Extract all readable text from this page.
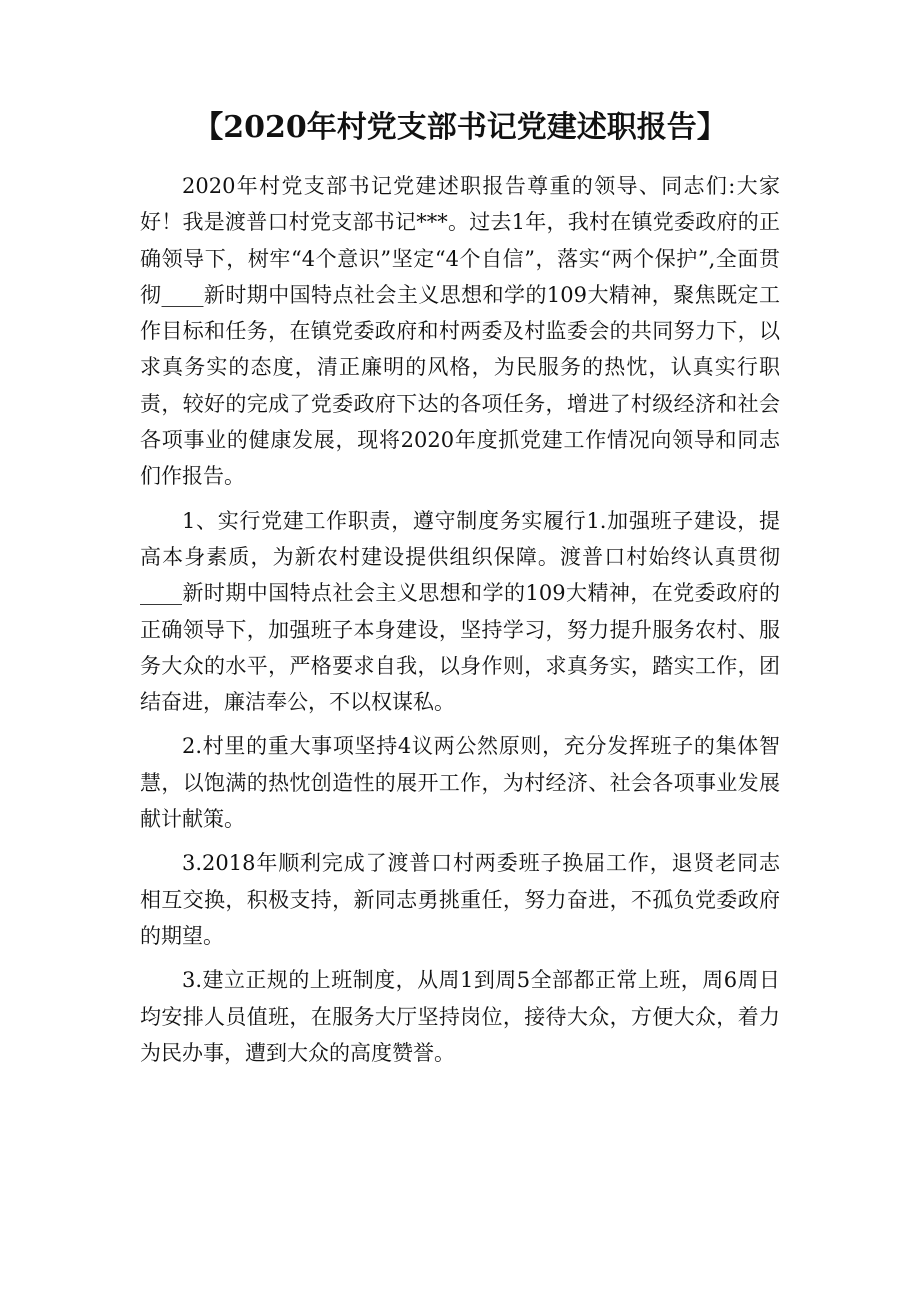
【2020年村党支部书记党建述职报告】

2020年村党支部书记党建述职报告尊重的领导、同志们:大家好！我是渡普口村党支部书记***。过去1年，我村在镇党委政府的正确领导下，树牢“4个意识”坚定“4个自信”，落实“两个保护”,全面贯彻____新时期中国特点社会主义思想和学的109大精神，聚焦既定工作目标和任务，在镇党委政府和村两委及村监委会的共同努力下，以求真务实的态度，清正廉明的风格，为民服务的热忱，认真实行职责，较好的完成了党委政府下达的各项任务，增进了村级经济和社会各项事业的健康发展，现将2020年度抓党建工作情况向领导和同志们作报告。

1、实行党建工作职责，遵守制度务实履行1.加强班子建设，提高本身素质，为新农村建设提供组织保障。渡普口村始终认真贯彻____新时期中国特点社会主义思想和学的109大精神，在党委政府的正确领导下，加强班子本身建设，坚持学习，努力提升服务农村、服务大众的水平，严格要求自我，以身作则，求真务实，踏实工作，团结奋进，廉洁奉公，不以权谋私。

2.村里的重大事项坚持4议两公然原则，充分发挥班子的集体智慧，以饱满的热忱创造性的展开工作，为村经济、社会各项事业发展献计献策。

3.2018年顺利完成了渡普口村两委班子换届工作，退贤老同志相互交换，积极支持，新同志勇挑重任，努力奋进，不孤负党委政府的期望。

3.建立正规的上班制度，从周1到周5全部都正常上班，周6周日均安排人员值班，在服务大厅坚持岗位，接待大众，方便大众，着力为民办事，遭到大众的高度赞誉。
